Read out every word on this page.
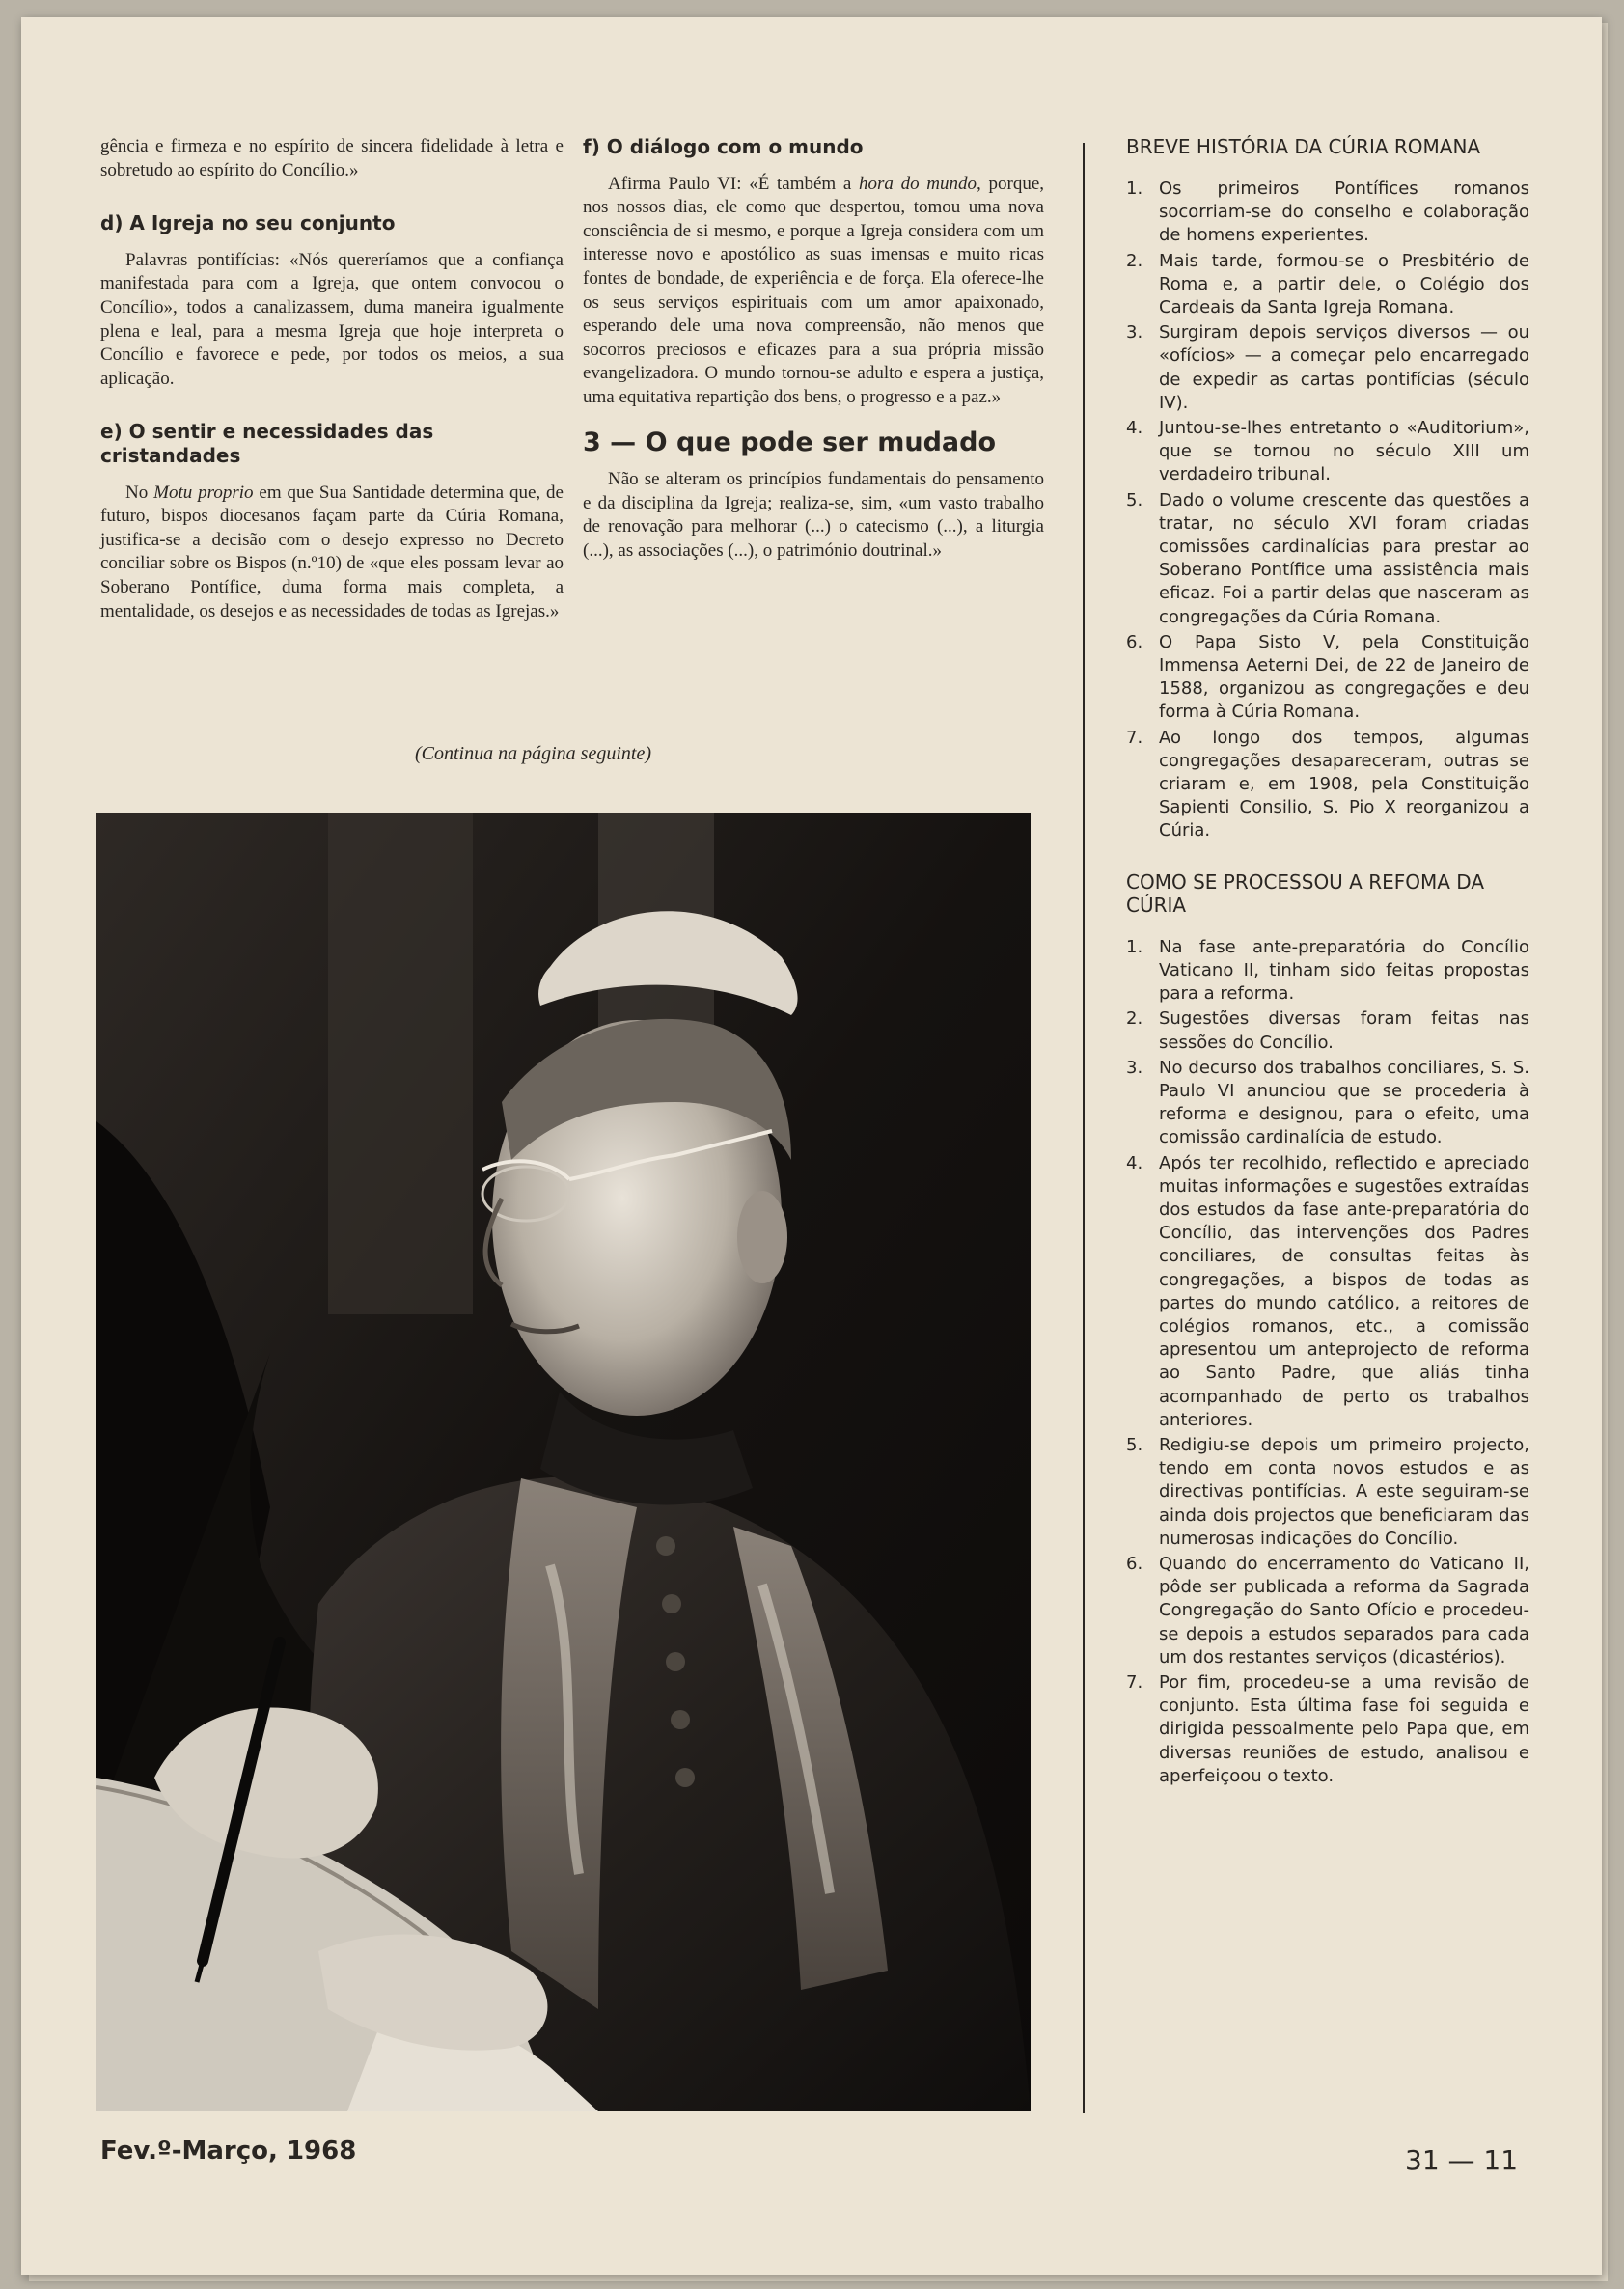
gência e firmeza e no espírito de sincera fidelidade à letra e sobretudo ao espírito do Concílio.»

d) A Igreja no seu conjunto

Palavras pontifícias: «Nós quereríamos que a confiança manifestada para com a Igreja, que ontem convocou o Concílio», todos a canalizassem, duma maneira igualmente plena e leal, para a mesma Igreja que hoje interpreta o Concílio e favorece e pede, por todos os meios, a sua aplicação.

e) O sentir e necessidades das cristandades

No Motu proprio em que Sua Santidade determina que, de futuro, bispos diocesanos façam parte da Cúria Romana, justifica-se a decisão com o desejo expresso no Decreto conciliar sobre os Bispos (n.º10) de «que eles possam levar ao Soberano Pontífice, duma forma mais completa, a mentalidade, os desejos e as necessidades de todas as Igrejas.»

f) O diálogo com o mundo

Afirma Paulo VI: «É também a hora do mundo, porque, nos nossos dias, ele como que despertou, tomou uma nova consciência de si mesmo, e porque a Igreja considera com um interesse novo e apostólico as suas imensas e muito ricas fontes de bondade, de experiência e de força. Ela oferece-lhe os seus serviços espirituais com um amor apaixonado, esperando dele uma nova compreensão, não menos que socorros preciosos e eficazes para a sua própria missão evangelizadora. O mundo tornou-se adulto e espera a justiça, uma equitativa repartição dos bens, o progresso e a paz.»

3 — O que pode ser mudado

Não se alteram os princípios fundamentais do pensamento e da disciplina da Igreja; realiza-se, sim, «um vasto trabalho de renovação para melhorar (...) o catecismo (...), a liturgia (...), as associações (...), o património doutrinal.»

(Continua na página seguinte)
BREVE HISTÓRIA DA CÚRIA ROMANA
1. Os primeiros Pontífices romanos socorriam-se do conselho e colaboração de homens experientes.
2. Mais tarde, formou-se o Presbitério de Roma e, a partir dele, o Colégio dos Cardeais da Santa Igreja Romana.
3. Surgiram depois serviços diversos — ou «ofícios» — a começar pelo encarregado de expedir as cartas pontifícias (século IV).
4. Juntou-se-lhes entretanto o «Auditorium», que se tornou no século XIII um verdadeiro tribunal.
5. Dado o volume crescente das questões a tratar, no século XVI foram criadas comissões cardinalícias para prestar ao Soberano Pontífice uma assistência mais eficaz. Foi a partir delas que nasceram as congregações da Cúria Romana.
6. O Papa Sisto V, pela Constituição Immensa Aeterni Dei, de 22 de Janeiro de 1588, organizou as congregações e deu forma à Cúria Romana.
7. Ao longo dos tempos, algumas congregações desapareceram, outras se criaram e, em 1908, pela Constituição Sapienti Consilio, S. Pio X reorganizou a Cúria.
COMO SE PROCESSOU A REFOMA DA CÚRIA
1. Na fase ante-preparatória do Concílio Vaticano II, tinham sido feitas propostas para a reforma.
2. Sugestões diversas foram feitas nas sessões do Concílio.
3. No decurso dos trabalhos conciliares, S. S. Paulo VI anunciou que se procederia à reforma e designou, para o efeito, uma comissão cardinalícia de estudo.
4. Após ter recolhido, reflectido e apreciado muitas informações e sugestões extraídas dos estudos da fase ante-preparatória do Concílio, das intervenções dos Padres conciliares, de consultas feitas às congregações, a bispos de todas as partes do mundo católico, a reitores de colégios romanos, etc., a comissão apresentou um anteprojecto de reforma ao Santo Padre, que aliás tinha acompanhado de perto os trabalhos anteriores.
5. Redigiu-se depois um primeiro projecto, tendo em conta novos estudos e as directivas pontifícias. A este seguiram-se ainda dois projectos que beneficiaram das numerosas indicações do Concílio.
6. Quando do encerramento do Vaticano II, pôde ser publicada a reforma da Sagrada Congregação do Santo Ofício e procedeu-se depois a estudos separados para cada um dos restantes serviços (dicastérios).
7. Por fim, procedeu-se a uma revisão de conjunto. Esta última fase foi seguida e dirigida pessoalmente pelo Papa que, em diversas reuniões de estudo, analisou e aperfeiçoou o texto.
Fev.º-Março, 1968	31 — 11
